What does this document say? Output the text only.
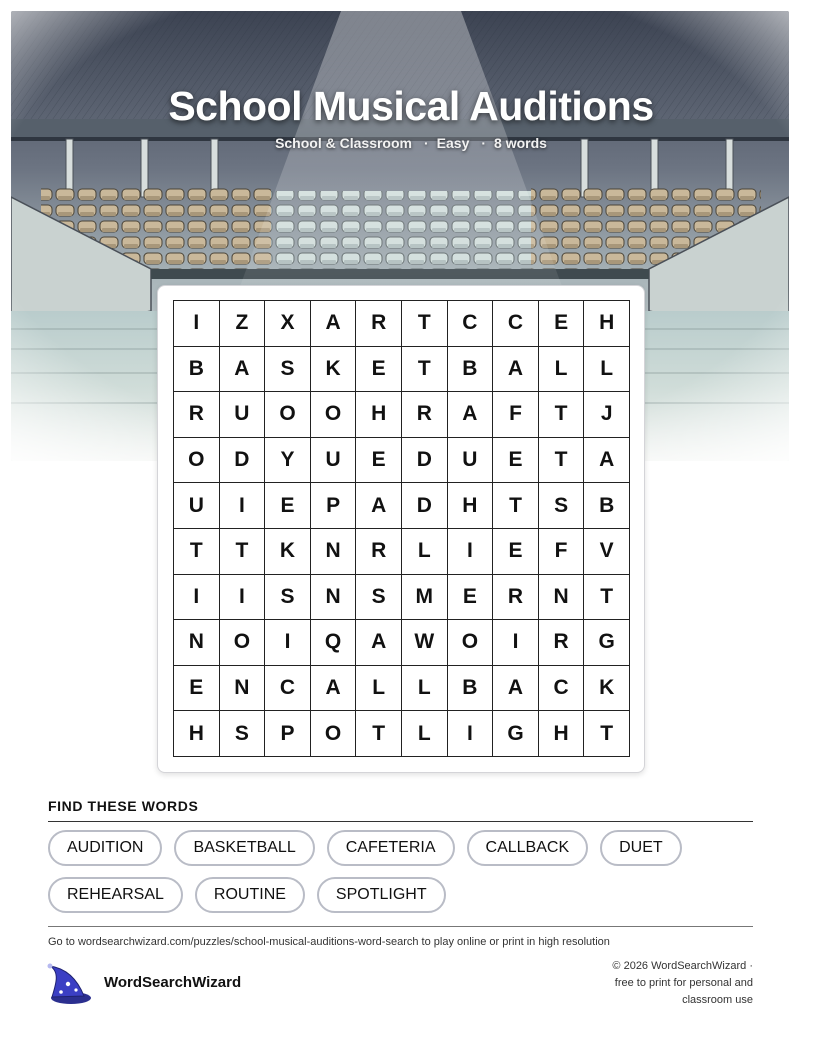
School Musical Auditions
School & Classroom · Easy · 8 words
I	Z	X	A	R	T	C	C	E	H
B	A	S	K	E	T	B	A	L	L
R	U	O	O	H	R	A	F	T	J
O	D	Y	U	E	D	U	E	T	A
U	I	E	P	A	D	H	T	S	B
T	T	K	N	R	L	I	E	F	V
I	I	S	N	S	M	E	R	N	T
N	O	I	Q	A	W	O	I	R	G
E	N	C	A	L	L	B	A	C	K
H	S	P	O	T	L	I	G	H	T
FIND THESE WORDS
AUDITION	BASKETBALL	CAFETERIA	CALLBACK	DUET
REHEARSAL	ROUTINE	SPOTLIGHT
Go to wordsearchwizard.com/puzzles/school-musical-auditions-word-search to play online or print in high resolution
WordSearchWizard
© 2026 WordSearchWizard ·
free to print for personal and
classroom use
